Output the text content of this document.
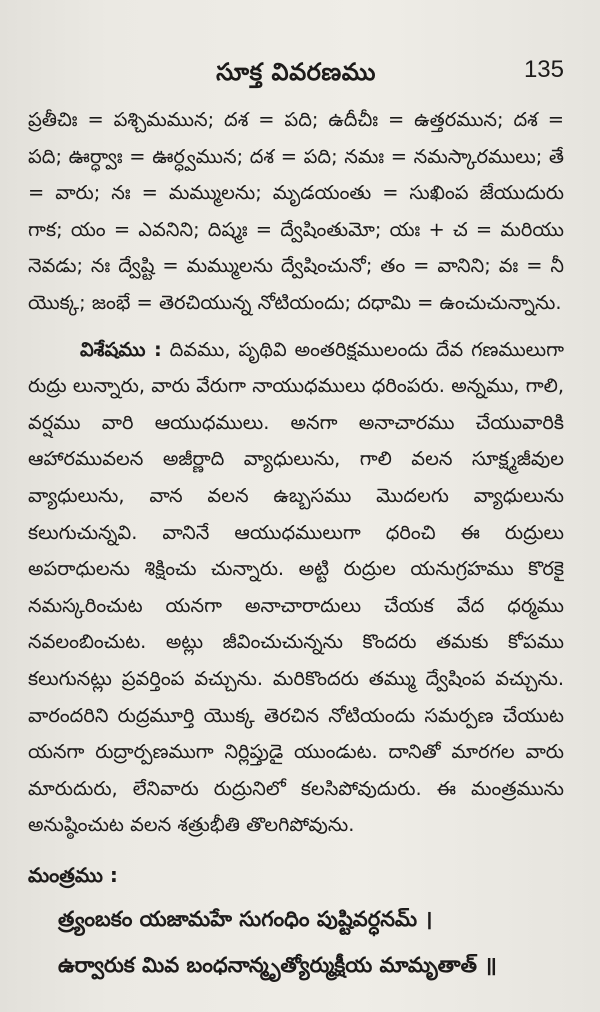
సూక్త వివరణము	135

ప్రతీచిః = పశ్చిమమున; దశ = పది; ఉదీచీః = ఉత్తరమున; దశ = పది; ఊర్ధ్వాః = ఊర్ధ్వమున; దశ = పది; నమః = నమస్కారములు; తే = వారు; నః = మమ్ములను; మృడయంతు = సుఖింప జేయుదురు గాక; యం = ఎవనిని; దిష్మః = ద్వేషింతుమో; యః + చ = మరియు నెవడు; నః ద్వేష్టి = మమ్ములను ద్వేషించునో; తం = వానిని; వః = నీ యొక్క; జంభే = తెరచియున్న నోటియందు; దధామి = ఉంచుచున్నాను.

విశేషము : దివము, పృథివి అంతరిక్షములందు దేవ గణములుగా రుద్రు లున్నారు, వారు వేరుగా నాయుధములు ధరింపరు. అన్నము, గాలి, వర్షము వారి ఆయుధములు. అనగా అనాచారము చేయువారికి ఆహారమువలన అజీర్ణాది వ్యాధులును, గాలి వలన సూక్ష్మజీవుల వ్యాధులును, వాన వలన ఉబ్బసము మొదలగు వ్యాధులును కలుగుచున్నవి. వానినే ఆయుధములుగా ధరించి ఈ రుద్రులు అపరాధులను శిక్షించు చున్నారు. అట్టి రుద్రుల యనుగ్రహము కొరకై నమస్కరించుట యనగా అనాచారాదులు చేయక వేద ధర్మము నవలంబించుట. అట్లు జీవించుచున్నను కొందరు తమకు కోపము కలుగునట్లు ప్రవర్తింప వచ్చును. మరికొందరు తమ్ము ద్వేషింప వచ్చును. వారందరిని రుద్రమూర్తి యొక్క తెరచిన నోటియందు సమర్పణ చేయుట యనగా రుద్రార్పణముగా నిర్లిప్తుడై యుండుట. దానితో మారగల వారు మారుదురు, లేనివారు రుద్రునిలో కలసిపోవుదురు. ఈ మంత్రమును అనుష్ఠించుట వలన శత్రుభీతి తొలగిపోవును.

మంత్రము :
త్ర్యంబకం యజామహే సుగంధిం పుష్టివర్ధనమ్ ।
ఉర్వారుక మివ బంధనాన్మృత్యోర్ముక్షీయ మామృతాత్ ॥
